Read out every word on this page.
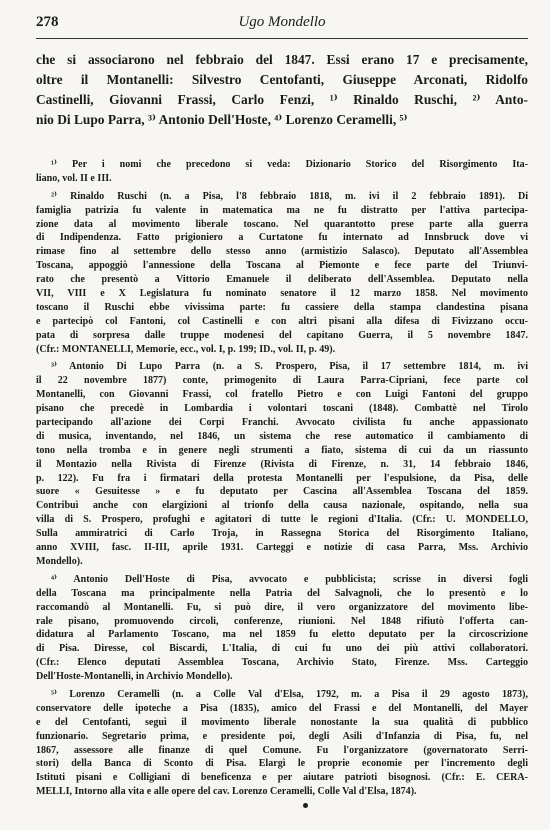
278	Ugo Mondello
che si associarono nel febbraio del 1847. Essi erano 17 e precisamente,
oltre il Montanelli: Silvestro Centofanti, Giuseppe Arconati, Ridolfo
Castinelli, Giovanni Frassi, Carlo Fenzi, ¹⁾ Rinaldo Ruschi, ²⁾ Anto-
nio Di Lupo Parra, ³⁾ Antonio Dell'Hoste, ⁴⁾ Lorenzo Ceramelli, ⁵⁾
¹⁾ Per i nomi che precedono si veda: Dizionario Storico del Risorgimento Ita-
liano, vol. II e III.
²⁾ Rinaldo Ruschi (n. a Pisa, l'8 febbraio 1818, m. ivi il 2 febbraio 1891). Di
famiglia patrizia fu valente in matematica ma ne fu distratto per l'attiva partecipa-
zione data al movimento liberale toscano. Nel quarantotto prese parte alla guerra
di Indipendenza. Fatto prigioniero a Curtatone fu internato ad Innsbruck dove vi
rimase fino al settembre dello stesso anno (armistizio Salasco). Deputato all'Assemblea
Toscana, appoggiò l'annessione della Toscana al Piemonte e fece parte del Triunvi-
rato che presentò a Vittorio Emanuele il deliberato dell'Assemblea. Deputato nella
VII, VIII e X Legislatura fu nominato senatore il 12 marzo 1858. Nel movimento
toscano il Ruschi ebbe vivissima parte: fu cassiere della stampa clandestina pisana
e partecipò col Fantoni, col Castinelli e con altri pisani alla difesa di Fivizzano occu-
pata di sorpresa dalle truppe modenesi del capitano Guerra, il 5 novembre 1847.
(Cfr.: MONTANELLI, Memorie, ecc., vol. I, p. 199; ID., vol. II, p. 49).
³⁾ Antonio Di Lupo Parra (n. a S. Prospero, Pisa, il 17 settembre 1814, m. ivi
il 22 novembre 1877) conte, primogenito di Laura Parra-Cipriani, fece parte col
Montanelli, con Giovanni Frassi, col fratello Pietro e con Luigi Fantoni del gruppo
pisano che precedè in Lombardia i volontari toscani (1848). Combattè nel Tirolo
partecipando all'azione dei Corpi Franchi. Avvocato civilista fu anche appassionato
di musica, inventando, nel 1846, un sistema che rese automatico il cambiamento di
tono nella tromba e in genere negli strumenti a fiato, sistema di cui da un riassunto
il Montazio nella Rivista di Firenze (Rivista di Firenze, n. 31, 14 febbraio 1846,
p. 122). Fu fra i firmatari della protesta Montanelli per l'espulsione, da Pisa, delle
suore « Gesuitesse » e fu deputato per Cascina all'Assemblea Toscana del 1859.
Contribuì anche con elargizioni al trionfo della causa nazionale, ospitando, nella sua
villa di S. Prospero, profughi e agitatori di tutte le regioni d'Italia. (Cfr.: U. MONDELLO,
Sulla ammiratrici di Carlo Troja, in Rassegna Storica del Risorgimento Italiano,
anno XVIII, fasc. II-III, aprile 1931. Carteggi e notizie di casa Parra, Mss. Archivio
Mondello).
⁴⁾ Antonio Dell'Hoste di Pisa, avvocato e pubblicista; scrisse in diversi fogli
della Toscana ma principalmente nella Patria del Salvagnoli, che lo presentò e lo
raccomandò al Montanelli. Fu, si può dire, il vero organizzatore del movimento libe-
rale pisano, promuovendo circoli, conferenze, riunioni. Nel 1848 rifiutò l'offerta can-
didatura al Parlamento Toscano, ma nel 1859 fu eletto deputato per la circoscrizione
di Pisa. Diresse, col Biscardi, L'Italia, di cui fu uno dei più attivi collaboratori.
(Cfr.: Elenco deputati Assemblea Toscana, Archivio Stato, Firenze. Mss. Carteggio
Dell'Hoste-Montanelli, in Archivio Mondello).
⁵⁾ Lorenzo Ceramelli (n. a Colle Val d'Elsa, 1792, m. a Pisa il 29 agosto 1873),
conservatore delle ipoteche a Pisa (1835), amico del Frassi e del Montanelli, del Mayer
e del Centofanti, seguì il movimento liberale nonostante la sua qualità di pubblico
funzionario. Segretario prima, e presidente poi, degli Asili d'Infanzia di Pisa, fu, nel
1867, assessore alle finanze di quel Comune. Fu l'organizzatore (governatorato Serri-
stori) della Banca di Sconto di Pisa. Elargì le proprie economie per l'incremento degli
Istituti pisani e Colligiani di beneficenza e per aiutare patrioti bisognosi. (Cfr.: E. CERA-
MELLI, Intorno alla vita e alle opere del cav. Lorenzo Ceramelli, Colle Val d'Elsa, 1874).
